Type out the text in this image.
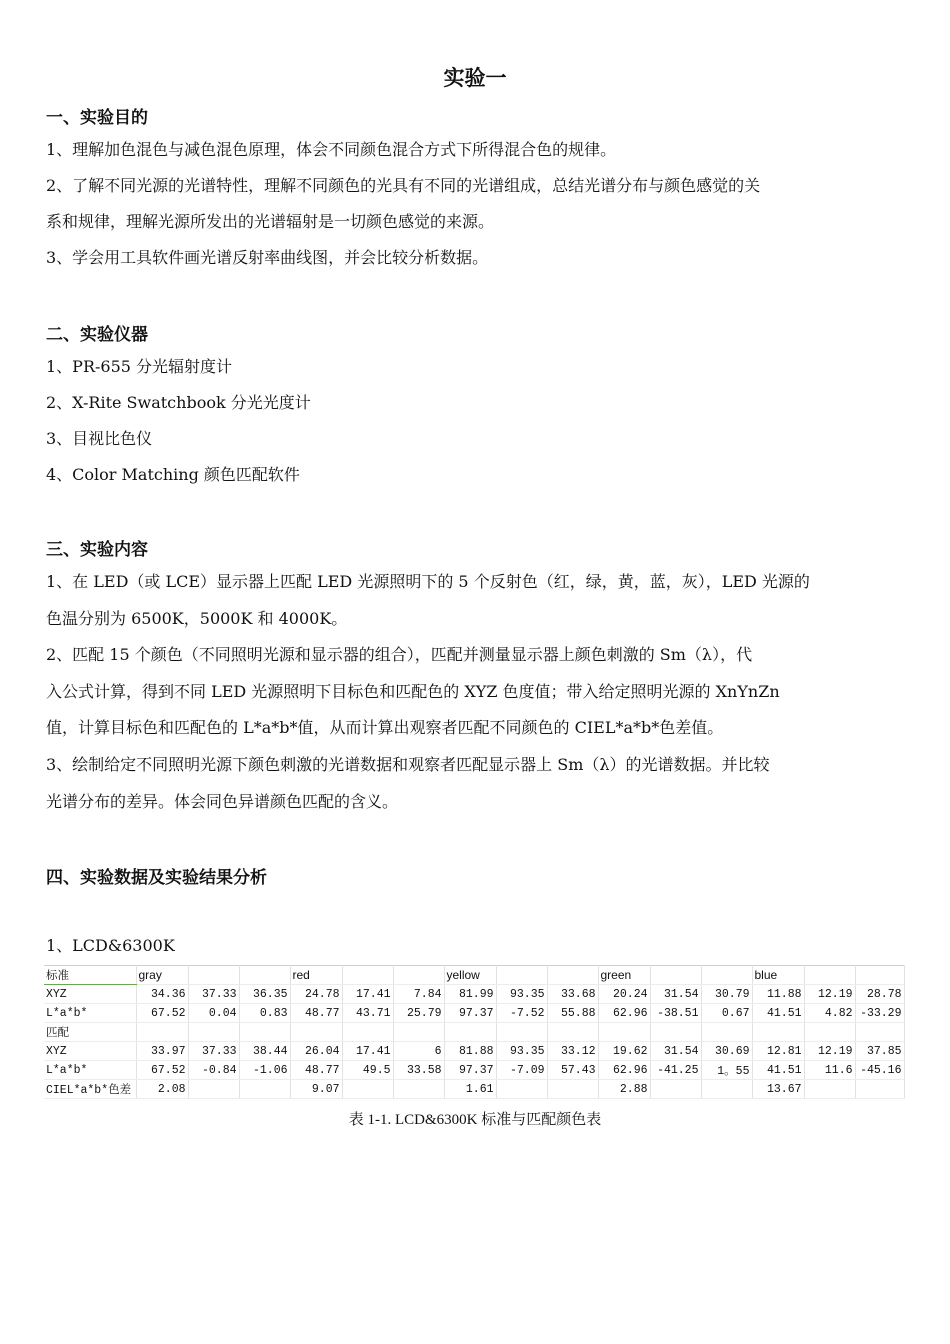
实验一
一、实验目的
1、理解加色混色与减色混色原理，体会不同颜色混合方式下所得混合色的规律。
2、了解不同光源的光谱特性，理解不同颜色的光具有不同的光谱组成，总结光谱分布与颜色感觉的关
系和规律，理解光源所发出的光谱辐射是一切颜色感觉的来源。
3、学会用工具软件画光谱反射率曲线图，并会比较分析数据。
二、实验仪器
1、PR-655 分光辐射度计
2、X-Rite Swatchbook 分光光度计
3、目视比色仪
4、Color Matching 颜色匹配软件
三、实验内容
1、在 LED（或 LCE）显示器上匹配 LED 光源照明下的 5 个反射色（红，绿，黄，蓝，灰），LED 光源的
色温分别为 6500K，5000K 和 4000K。
2、匹配 15 个颜色（不同照明光源和显示器的组合），匹配并测量显示器上颜色刺激的 Sm（λ），代
入公式计算，得到不同 LED 光源照明下目标色和匹配色的 XYZ 色度值；带入给定照明光源的 XnYnZn
值，计算目标色和匹配色的 L*a*b*值，从而计算出观察者匹配不同颜色的 CIEL*a*b*色差值。
3、绘制给定不同照明光源下颜色刺激的光谱数据和观察者匹配显示器上 Sm（λ）的光谱数据。并比较
光谱分布的差异。体会同色异谱颜色匹配的含义。
四、实验数据及实验结果分析
1、LCD&6300K
标准	gray			red			yellow			green			blue		
XYZ	34.36	37.33	36.35	24.78	17.41	7.84	81.99	93.35	33.68	20.24	31.54	30.79	11.88	12.19	28.78
L*a*b*	67.52	0.04	0.83	48.77	43.71	25.79	97.37	-7.52	55.88	62.96	-38.51	0.67	41.51	4.82	-33.29
匹配															
XYZ	33.97	37.33	38.44	26.04	17.41	6	81.88	93.35	33.12	19.62	31.54	30.69	12.81	12.19	37.85
L*a*b*	67.52	-0.84	-1.06	48.77	49.5	33.58	97.37	-7.09	57.43	62.96	-41.25	1。55	41.51	11.6	-45.16
CIEL*a*b*色差	2.08			9.07			1.61			2.88			13.67		
表 1-1. LCD&6300K 标准与匹配颜色表
